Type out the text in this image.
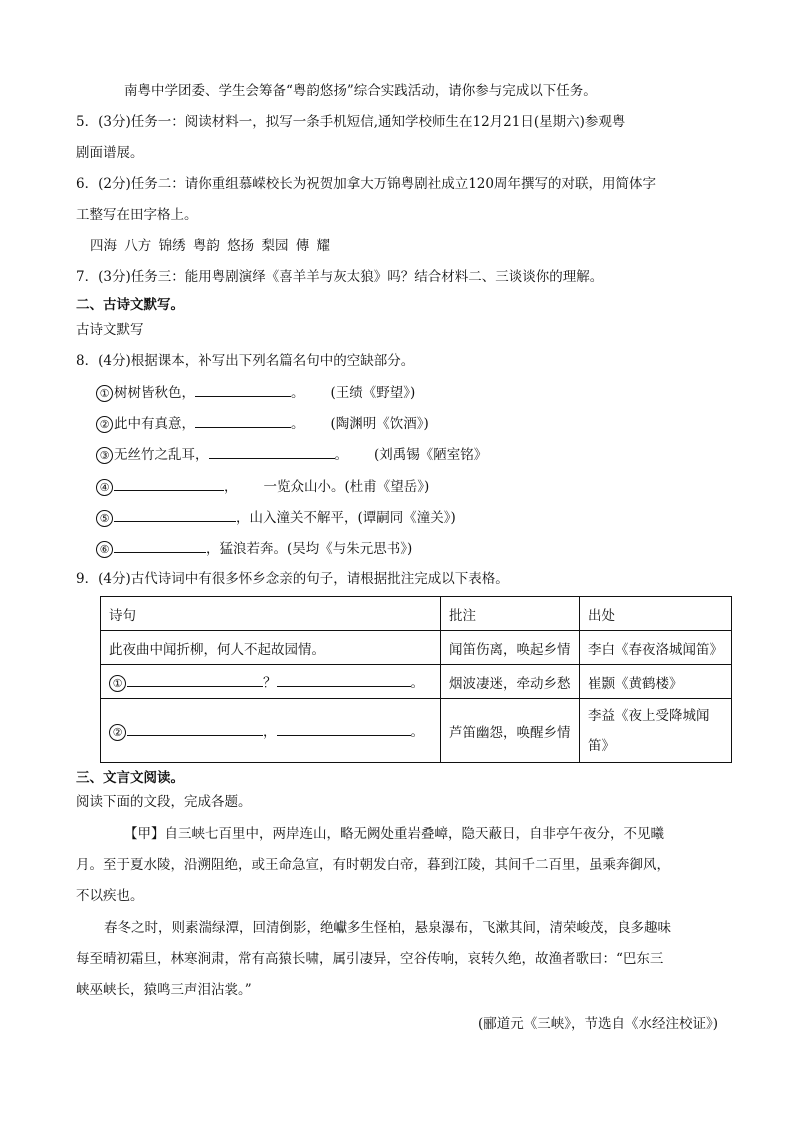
南粤中学团委、学生会筹备“粤韵悠扬”综合实践活动，请你参与完成以下任务。
5．(3分)任务一：阅读材料一，拟写一条手机短信,通知学校师生在12月21日(星期六)参观粤
剧面谱展。
6．(2分)任务二：请你重组慕嵘校长为祝贺加拿大万锦粤剧社成立120周年撰写的对联，用简体字
工整写在田字格上。
四海 八方 锦绣 粤韵 悠扬 梨园 傳 耀
7．(3分)任务三：能用粤剧演绎《喜羊羊与灰太狼》吗？结合材料二、三谈谈你的理解。
二、古诗文默写。
古诗文默写
8．(4分)根据课本，补写出下列名篇名句中的空缺部分。
① 树树皆秋色，	。 (王绩《野望》)
② 此中有真意，	。 (陶渊明《饮酒》)
③ 无丝竹之乱耳，	。 (刘禹锡《陋室铭》
④	， 一览众山小。(杜甫《望岳》)
⑤	，山入潼关不解平，(谭嗣同《潼关》)
⑥	，猛浪若奔。(吴均《与朱元思书》)
9．(4分)古代诗词中有很多怀乡念亲的句子，请根据批注完成以下表格。
诗句	批注	出处
此夜曲中闻折柳，何人不起故园情。	闻笛伤离，唤起乡情	李白《春夜洛城闻笛》
① ？ 。	烟波凄迷，牵动乡愁	崔颢《黄鹤楼》
② ， 。	芦笛幽怨，唤醒乡情	李益《夜上受降城闻
笛》
三、文言文阅读。
阅读下面的文段，完成各题。
【甲】自三峡七百里中，两岸连山，略无阙处重岩叠嶂，隐天蔽日，自非亭午夜分，不见曦
月。至于夏水陵，沿溯阻绝，或王命急宣，有时朝发白帝，暮到江陵，其间千二百里，虽乘奔御风，
不以疾也。
春冬之时，则素湍绿潭，回清倒影，绝巘多生怪柏，悬泉瀑布，飞漱其间，清荣峻茂，良多趣味
每至晴初霜旦，林寒涧肃，常有高猿长啸，属引凄异，空谷传响，哀转久绝，故渔者歌曰：“巴东三
峡巫峡长，猿鸣三声泪沾裳。”
(郦道元《三峡》，节选自《水经注校证》)
